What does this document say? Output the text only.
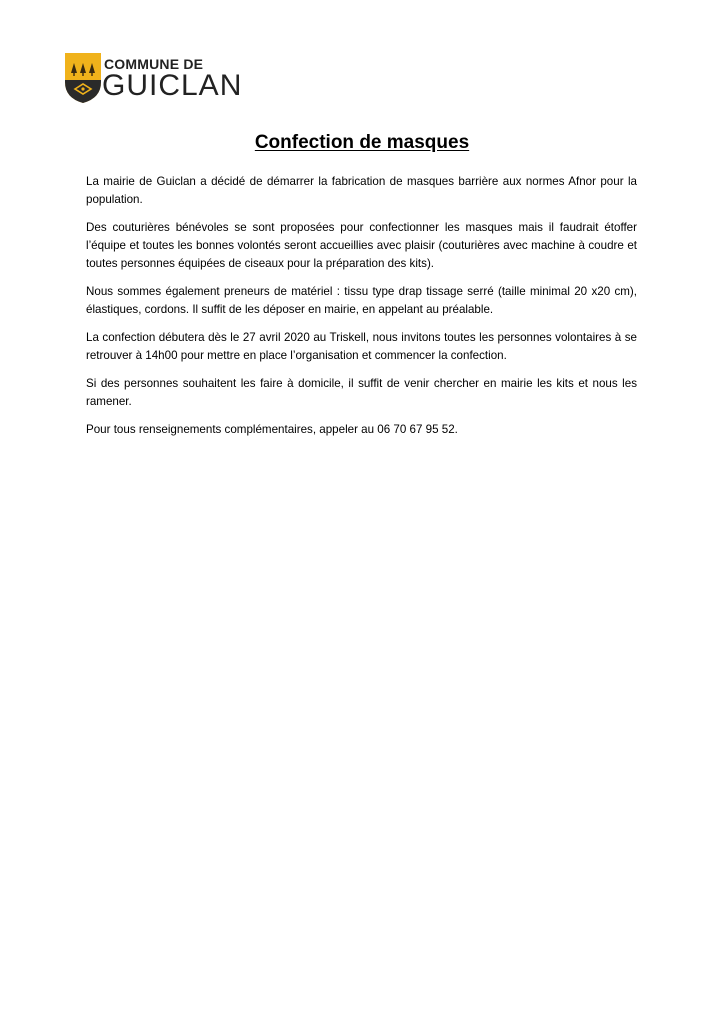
COMMUNE DE
GUICLAN
Confection de masques

La mairie de Guiclan a décidé de démarrer la fabrication de masques barrière aux normes Afnor pour la population.

Des couturières bénévoles se sont proposées pour confectionner les masques mais il faudrait étoffer l’équipe et toutes les bonnes volontés seront accueillies avec plaisir (couturières avec machine à coudre et toutes personnes équipées de ciseaux pour la préparation des kits).

Nous sommes également preneurs de matériel : tissu type drap tissage serré (taille minimal 20 x20 cm), élastiques, cordons. Il suffit de les déposer en mairie, en appelant au préalable.

La confection débutera dès le 27 avril 2020 au Triskell, nous invitons toutes les personnes volontaires à se retrouver à 14h00 pour mettre en place l’organisation et commencer la confection.

Si des personnes souhaitent les faire à domicile, il suffit de venir chercher en mairie les kits et nous les ramener.

Pour tous renseignements complémentaires, appeler au 06 70 67 95 52.
